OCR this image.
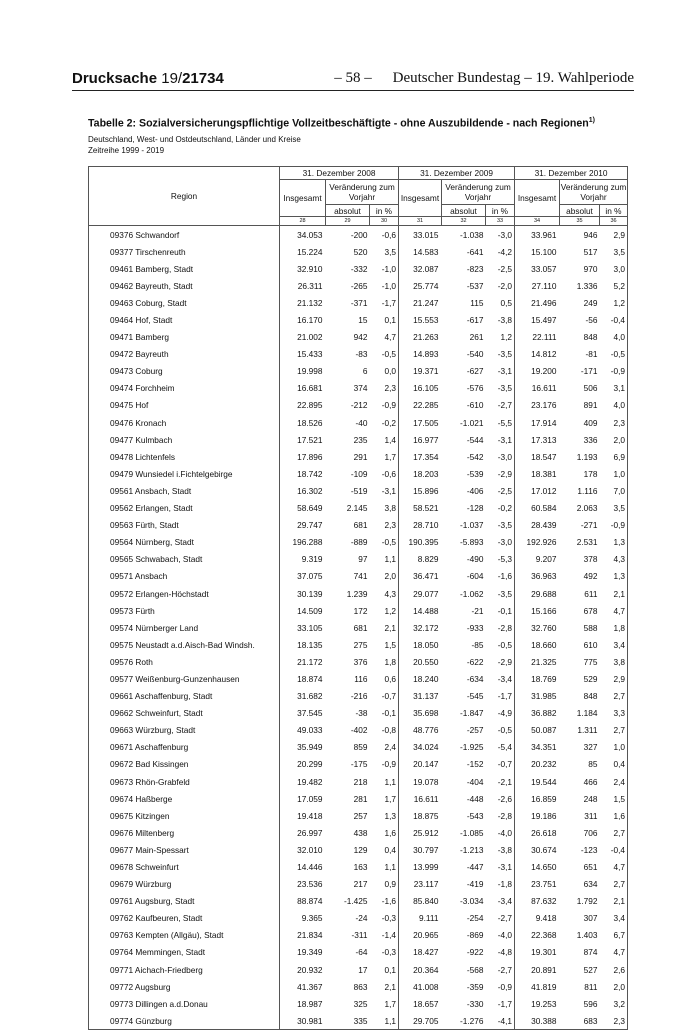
Drucksache 19/21734	– 58 –	Deutscher Bundestag – 19. Wahlperiode
Tabelle 2: Sozialversicherungspflichtige Vollzeitbeschäftigte - ohne Auszubildende - nach Regionen$^{1)}$
Deutschland, West- und Ostdeutschland, Länder und Kreise
Zeitreihe 1999 - 2019
Region	31. Dezember 2008			31. Dezember 2009			31. Dezember 2010		
	Insgesamt	Veränderung zum Vorjahr		Insgesamt	Veränderung zum Vorjahr		Insgesamt	Veränderung zum Vorjahr	
		absolut	in %		absolut	in %		absolut	in %
	28	29	30	31	32	33	34	35	36
09376 Schwandorf	34.053	-200	-0,6	33.015	-1.038	-3,0	33.961	946	2,9
09377 Tirschenreuth	15.224	520	3,5	14.583	-641	-4,2	15.100	517	3,5
09461 Bamberg, Stadt	32.910	-332	-1,0	32.087	-823	-2,5	33.057	970	3,0
09462 Bayreuth, Stadt	26.311	-265	-1,0	25.774	-537	-2,0	27.110	1.336	5,2
09463 Coburg, Stadt	21.132	-371	-1,7	21.247	115	0,5	21.496	249	1,2
09464 Hof, Stadt	16.170	15	0,1	15.553	-617	-3,8	15.497	-56	-0,4
09471 Bamberg	21.002	942	4,7	21.263	261	1,2	22.111	848	4,0
09472 Bayreuth	15.433	-83	-0,5	14.893	-540	-3,5	14.812	-81	-0,5
09473 Coburg	19.998	6	0,0	19.371	-627	-3,1	19.200	-171	-0,9
09474 Forchheim	16.681	374	2,3	16.105	-576	-3,5	16.611	506	3,1
09475 Hof	22.895	-212	-0,9	22.285	-610	-2,7	23.176	891	4,0
09476 Kronach	18.526	-40	-0,2	17.505	-1.021	-5,5	17.914	409	2,3
09477 Kulmbach	17.521	235	1,4	16.977	-544	-3,1	17.313	336	2,0
09478 Lichtenfels	17.896	291	1,7	17.354	-542	-3,0	18.547	1.193	6,9
09479 Wunsiedel i.Fichtelgebirge	18.742	-109	-0,6	18.203	-539	-2,9	18.381	178	1,0
09561 Ansbach, Stadt	16.302	-519	-3,1	15.896	-406	-2,5	17.012	1.116	7,0
09562 Erlangen, Stadt	58.649	2.145	3,8	58.521	-128	-0,2	60.584	2.063	3,5
09563 Fürth, Stadt	29.747	681	2,3	28.710	-1.037	-3,5	28.439	-271	-0,9
09564 Nürnberg, Stadt	196.288	-889	-0,5	190.395	-5.893	-3,0	192.926	2.531	1,3
09565 Schwabach, Stadt	9.319	97	1,1	8.829	-490	-5,3	9.207	378	4,3
09571 Ansbach	37.075	741	2,0	36.471	-604	-1,6	36.963	492	1,3
09572 Erlangen-Höchstadt	30.139	1.239	4,3	29.077	-1.062	-3,5	29.688	611	2,1
09573 Fürth	14.509	172	1,2	14.488	-21	-0,1	15.166	678	4,7
09574 Nürnberger Land	33.105	681	2,1	32.172	-933	-2,8	32.760	588	1,8
09575 Neustadt a.d.Aisch-Bad Windsh.	18.135	275	1,5	18.050	-85	-0,5	18.660	610	3,4
09576 Roth	21.172	376	1,8	20.550	-622	-2,9	21.325	775	3,8
09577 Weißenburg-Gunzenhausen	18.874	116	0,6	18.240	-634	-3,4	18.769	529	2,9
09661 Aschaffenburg, Stadt	31.682	-216	-0,7	31.137	-545	-1,7	31.985	848	2,7
09662 Schweinfurt, Stadt	37.545	-38	-0,1	35.698	-1.847	-4,9	36.882	1.184	3,3
09663 Würzburg, Stadt	49.033	-402	-0,8	48.776	-257	-0,5	50.087	1.311	2,7
09671 Aschaffenburg	35.949	859	2,4	34.024	-1.925	-5,4	34.351	327	1,0
09672 Bad Kissingen	20.299	-175	-0,9	20.147	-152	-0,7	20.232	85	0,4
09673 Rhön-Grabfeld	19.482	218	1,1	19.078	-404	-2,1	19.544	466	2,4
09674 Haßberge	17.059	281	1,7	16.611	-448	-2,6	16.859	248	1,5
09675 Kitzingen	19.418	257	1,3	18.875	-543	-2,8	19.186	311	1,6
09676 Miltenberg	26.997	438	1,6	25.912	-1.085	-4,0	26.618	706	2,7
09677 Main-Spessart	32.010	129	0,4	30.797	-1.213	-3,8	30.674	-123	-0,4
09678 Schweinfurt	14.446	163	1,1	13.999	-447	-3,1	14.650	651	4,7
09679 Würzburg	23.536	217	0,9	23.117	-419	-1,8	23.751	634	2,7
09761 Augsburg, Stadt	88.874	-1.425	-1,6	85.840	-3.034	-3,4	87.632	1.792	2,1
09762 Kaufbeuren, Stadt	9.365	-24	-0,3	9.111	-254	-2,7	9.418	307	3,4
09763 Kempten (Allgäu), Stadt	21.834	-311	-1,4	20.965	-869	-4,0	22.368	1.403	6,7
09764 Memmingen, Stadt	19.349	-64	-0,3	18.427	-922	-4,8	19.301	874	4,7
09771 Aichach-Friedberg	20.932	17	0,1	20.364	-568	-2,7	20.891	527	2,6
09772 Augsburg	41.367	863	2,1	41.008	-359	-0,9	41.819	811	2,0
09773 Dillingen a.d.Donau	18.987	325	1,7	18.657	-330	-1,7	19.253	596	3,2
09774 Günzburg	30.981	335	1,1	29.705	-1.276	-4,1	30.388	683	2,3
